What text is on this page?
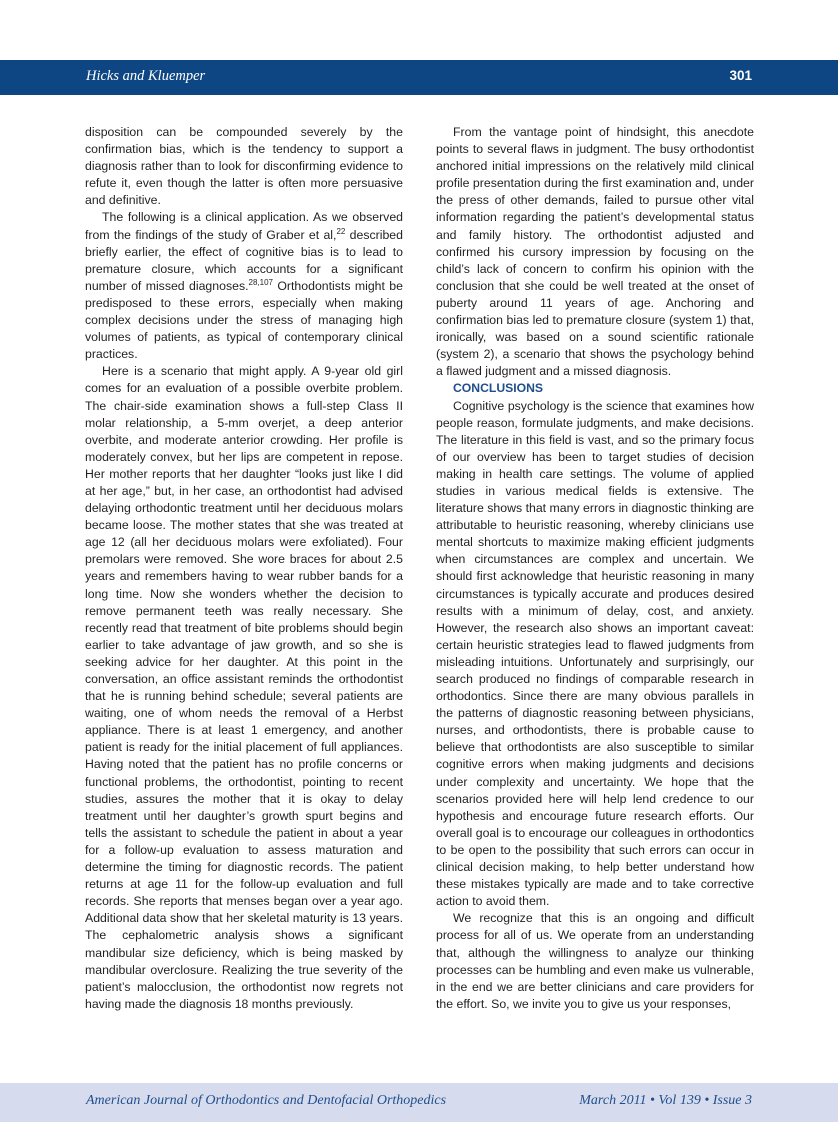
Hicks and Kluemper	301

disposition can be compounded severely by the confirmation bias, which is the tendency to support a diagnosis rather than to look for disconfirming evidence to refute it, even though the latter is often more persuasive and definitive.

The following is a clinical application. As we observed from the findings of the study of Graber et al,$^{22}$ described briefly earlier, the effect of cognitive bias is to lead to premature closure, which accounts for a significant number of missed diagnoses.$^{28,107}$ Orthodontists might be predisposed to these errors, especially when making complex decisions under the stress of managing high volumes of patients, as typical of contemporary clinical practices.

Here is a scenario that might apply. A 9-year old girl comes for an evaluation of a possible overbite problem. The chair-side examination shows a full-step Class II molar relationship, a 5-mm overjet, a deep anterior overbite, and moderate anterior crowding. Her profile is moderately convex, but her lips are competent in repose. Her mother reports that her daughter “looks just like I did at her age,” but, in her case, an orthodontist had advised delaying orthodontic treatment until her deciduous molars became loose. The mother states that she was treated at age 12 (all her deciduous molars were exfoliated). Four premolars were removed. She wore braces for about 2.5 years and remembers having to wear rubber bands for a long time. Now she wonders whether the decision to remove permanent teeth was really necessary. She recently read that treatment of bite problems should begin earlier to take advantage of jaw growth, and so she is seeking advice for her daughter. At this point in the conversation, an office assistant reminds the orthodontist that he is running behind schedule; several patients are waiting, one of whom needs the removal of a Herbst appliance. There is at least 1 emergency, and another patient is ready for the initial placement of full appliances. Having noted that the patient has no profile concerns or functional problems, the orthodontist, pointing to recent studies, assures the mother that it is okay to delay treatment until her daughter’s growth spurt begins and tells the assistant to schedule the patient in about a year for a follow-up evaluation to assess maturation and determine the timing for diagnostic records. The patient returns at age 11 for the follow-up evaluation and full records. She reports that menses began over a year ago. Additional data show that her skeletal maturity is 13 years. The cephalometric analysis shows a significant mandibular size deficiency, which is being masked by mandibular overclosure. Realizing the true severity of the patient’s malocclusion, the orthodontist now regrets not having made the diagnosis 18 months previously.

From the vantage point of hindsight, this anecdote points to several flaws in judgment. The busy orthodontist anchored initial impressions on the relatively mild clinical profile presentation during the first examination and, under the press of other demands, failed to pursue other vital information regarding the patient’s developmental status and family history. The orthodontist adjusted and confirmed his cursory impression by focusing on the child’s lack of concern to confirm his opinion with the conclusion that she could be well treated at the onset of puberty around 11 years of age. Anchoring and confirmation bias led to premature closure (system 1) that, ironically, was based on a sound scientific rationale (system 2), a scenario that shows the psychology behind a flawed judgment and a missed diagnosis.

CONCLUSIONS

Cognitive psychology is the science that examines how people reason, formulate judgments, and make decisions. The literature in this field is vast, and so the primary focus of our overview has been to target studies of decision making in health care settings. The volume of applied studies in various medical fields is extensive. The literature shows that many errors in diagnostic thinking are attributable to heuristic reasoning, whereby clinicians use mental shortcuts to maximize making efficient judgments when circumstances are complex and uncertain. We should first acknowledge that heuristic reasoning in many circumstances is typically accurate and produces desired results with a minimum of delay, cost, and anxiety. However, the research also shows an important caveat: certain heuristic strategies lead to flawed judgments from misleading intuitions. Unfortunately and surprisingly, our search produced no findings of comparable research in orthodontics. Since there are many obvious parallels in the patterns of diagnostic reasoning between physicians, nurses, and orthodontists, there is probable cause to believe that orthodontists are also susceptible to similar cognitive errors when making judgments and decisions under complexity and uncertainty. We hope that the scenarios provided here will help lend credence to our hypothesis and encourage future research efforts. Our overall goal is to encourage our colleagues in orthodontics to be open to the possibility that such errors can occur in clinical decision making, to help better understand how these mistakes typically are made and to take corrective action to avoid them.

We recognize that this is an ongoing and difficult process for all of us. We operate from an understanding that, although the willingness to analyze our thinking processes can be humbling and even make us vulnerable, in the end we are better clinicians and care providers for the effort. So, we invite you to give us your responses,

American Journal of Orthodontics and Dentofacial Orthopedics	March 2011 • Vol 139 • Issue 3
